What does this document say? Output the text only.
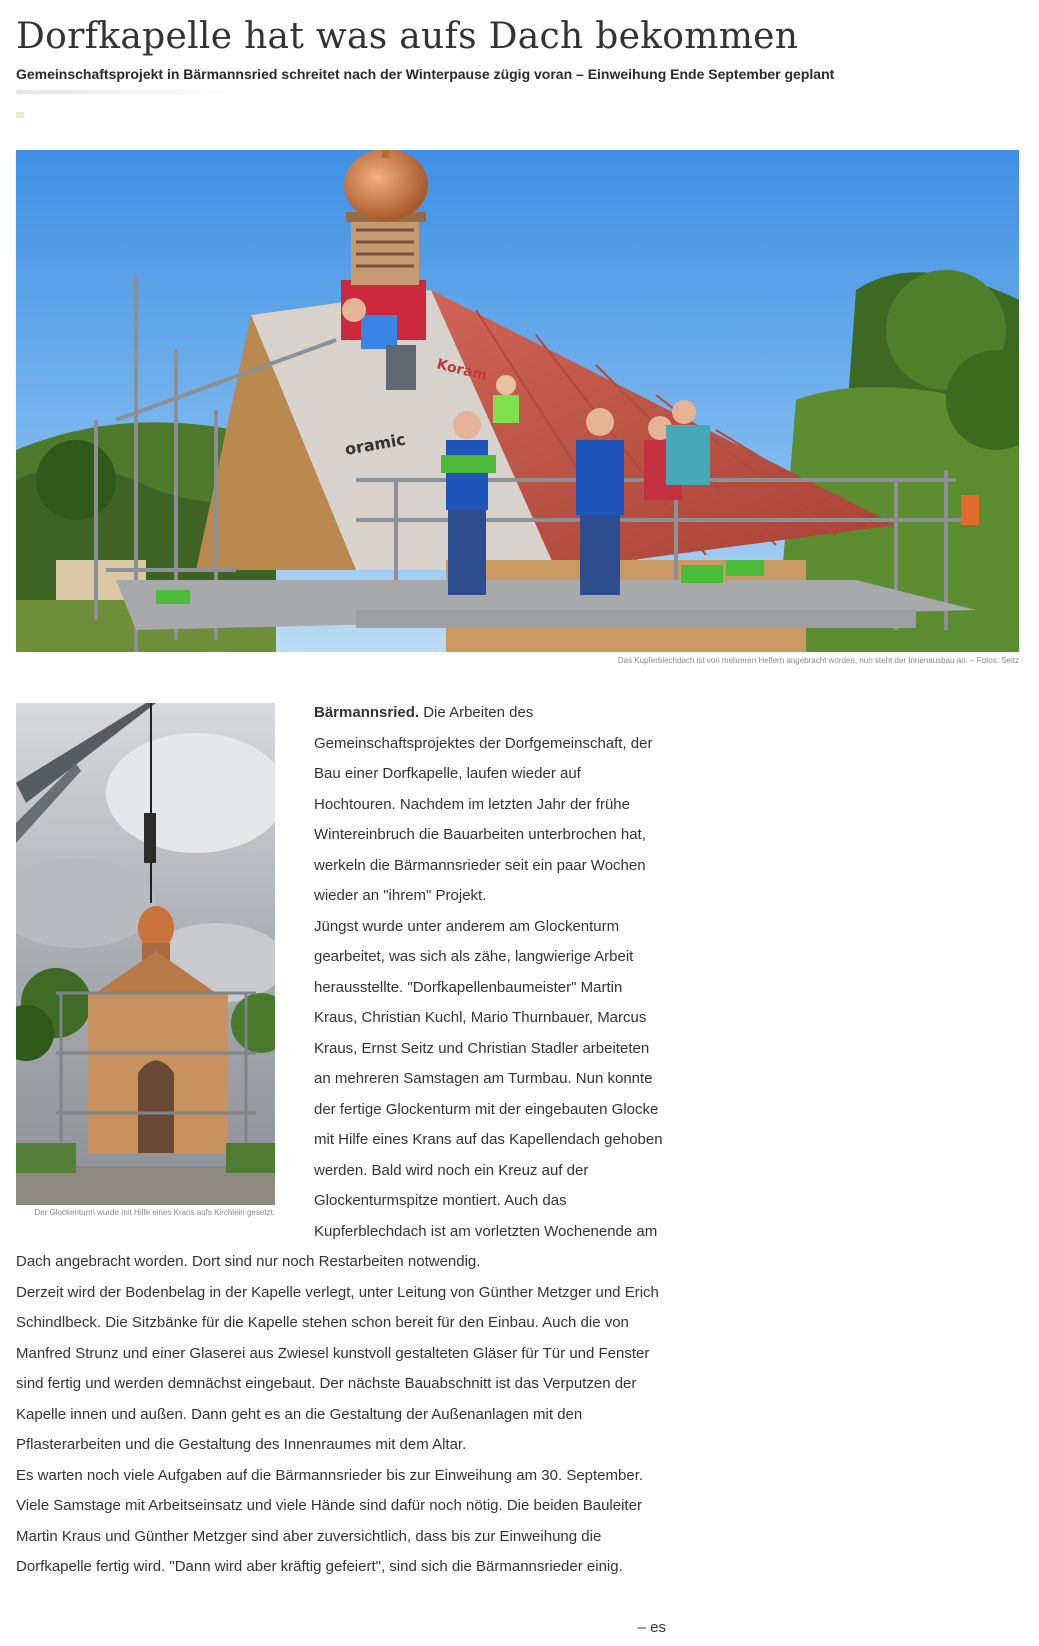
Dorfkapelle hat was aufs Dach bekommen

Gemeinschaftsprojekt in Bärmannsried schreitet nach der Winterpause zügig voran – Einweihung Ende September geplant

Koram
oramic
Das Kupferblechdach ist von mehreren Helfern angebracht worden, nun steht der Innenausbau an. – Fotos: Seitz
Der Glockenturm wurde mit Hilfe eines Krans aufs Kirchlein gesetzt.

Bärmannsried. Die Arbeiten des Gemeinschaftsprojektes der Dorfgemeinschaft, der Bau einer Dorfkapelle, laufen wieder auf Hochtouren. Nachdem im letzten Jahr der frühe Wintereinbruch die Bauarbeiten unterbrochen hat, werkeln die Bärmannsrieder seit ein paar Wochen wieder an "ihrem" Projekt.

Jüngst wurde unter anderem am Glockenturm gearbeitet, was sich als zähe, langwierige Arbeit herausstellte. "Dorfkapellenbaumeister" Martin Kraus, Christian Kuchl, Mario Thurnbauer, Marcus Kraus, Ernst Seitz und Christian Stadler arbeiteten an mehreren Samstagen am Turmbau. Nun konnte der fertige Glockenturm mit der eingebauten Glocke mit Hilfe eines Krans auf das Kapellendach gehoben werden. Bald wird noch ein Kreuz auf der Glockenturmspitze montiert. Auch das Kupferblechdach ist am vorletzten Wochenende am Dach angebracht worden. Dort sind nur noch Restarbeiten notwendig.

Derzeit wird der Bodenbelag in der Kapelle verlegt, unter Leitung von Günther Metzger und Erich Schindlbeck. Die Sitzbänke für die Kapelle stehen schon bereit für den Einbau. Auch die von Manfred Strunz und einer Glaserei aus Zwiesel kunstvoll gestalteten Gläser für Tür und Fenster sind fertig und werden demnächst eingebaut. Der nächste Bauabschnitt ist das Verputzen der Kapelle innen und außen. Dann geht es an die Gestaltung der Außenanlagen mit den Pflasterarbeiten und die Gestaltung des Innenraumes mit dem Altar.

Es warten noch viele Aufgaben auf die Bärmannsrieder bis zur Einweihung am 30. September. Viele Samstage mit Arbeitseinsatz und viele Hände sind dafür noch nötig. Die beiden Bauleiter Martin Kraus und Günther Metzger sind aber zuversichtlich, dass bis zur Einweihung die Dorfkapelle fertig wird. "Dann wird aber kräftig gefeiert", sind sich die Bärmannsrieder einig.

– es
